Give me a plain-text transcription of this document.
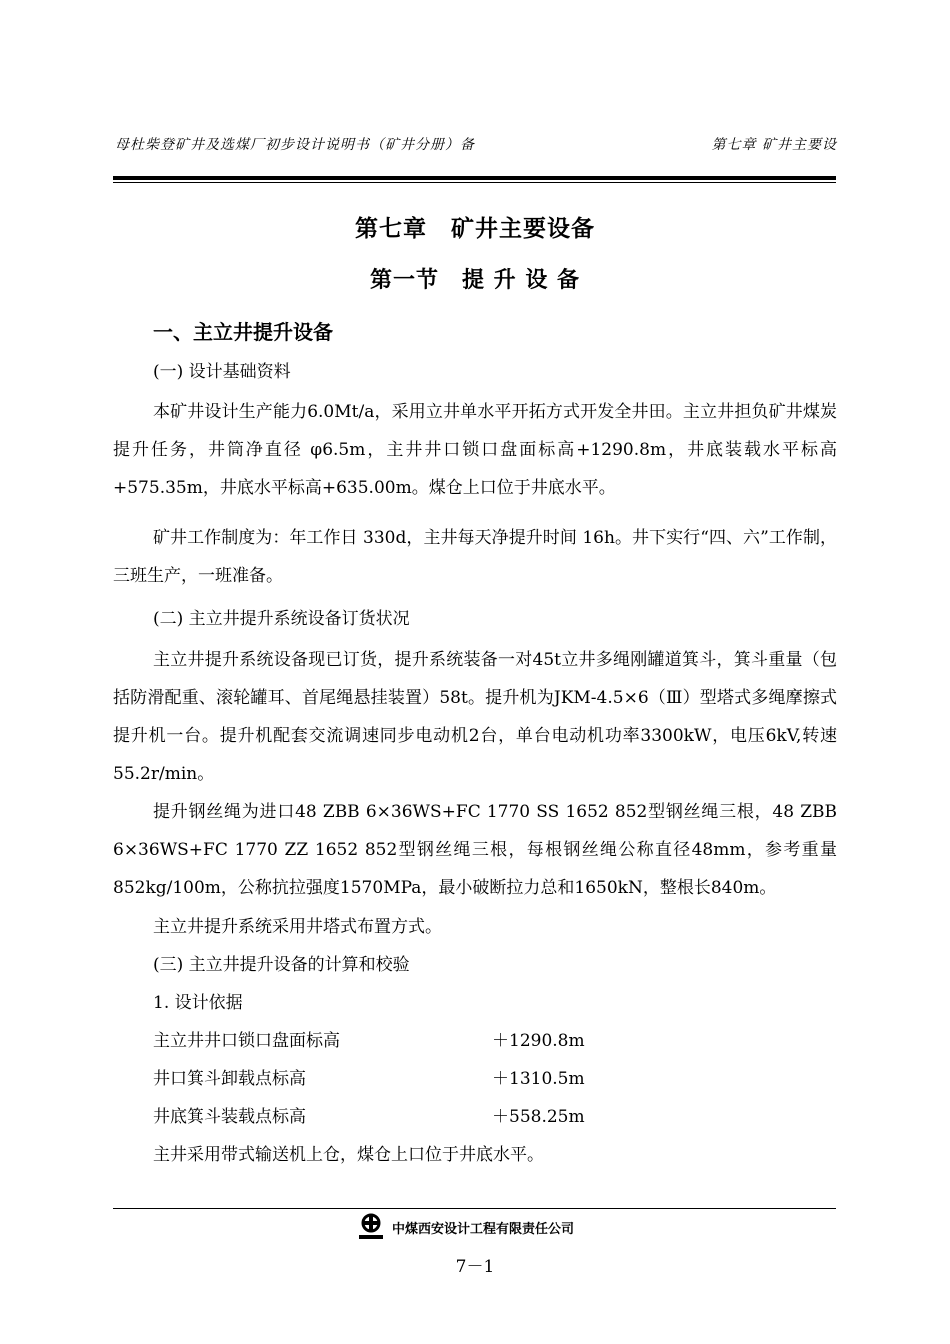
母杜柴登矿井及选煤厂初步设计说明书（矿井分册）备	第七章 矿井主要设
第七章　矿井主要设备
第一节　提 升 设 备
一、主立井提升设备
(一) 设计基础资料
本矿井设计生产能力6.0Mt/a，采用立井单水平开拓方式开发全井田。主立井担负矿井煤炭提升任务，井筒净直径 φ6.5m，主井井口锁口盘面标高+1290.8m，井底装载水平标高+575.35m，井底水平标高+635.00m。煤仓上口位于井底水平。
矿井工作制度为：年工作日 330d，主井每天净提升时间 16h。井下实行“四、六”工作制，三班生产，一班准备。
(二) 主立井提升系统设备订货状况
主立井提升系统设备现已订货，提升系统装备一对45t立井多绳刚罐道箕斗，箕斗重量（包括防滑配重、滚轮罐耳、首尾绳悬挂装置）58t。提升机为JKM-4.5×6（Ⅲ）型塔式多绳摩擦式提升机一台。提升机配套交流调速同步电动机2台，单台电动机功率3300kW，电压6kV,转速55.2r/min。
提升钢丝绳为进口48 ZBB 6×36WS+FC 1770 SS 1652 852型钢丝绳三根，48 ZBB 6×36WS+FC 1770 ZZ 1652 852型钢丝绳三根，每根钢丝绳公称直径48mm，参考重量852kg/100m，公称抗拉强度1570MPa，最小破断拉力总和1650kN，整根长840m。
主立井提升系统采用井塔式布置方式。
(三) 主立井提升设备的计算和校验
1. 设计依据
主立井井口锁口盘面标高	＋1290.8m
井口箕斗卸载点标高	＋1310.5m
井底箕斗装载点标高	＋558.25m
主井采用带式输送机上仓，煤仓上口位于井底水平。
中煤西安设计工程有限责任公司
7－1
